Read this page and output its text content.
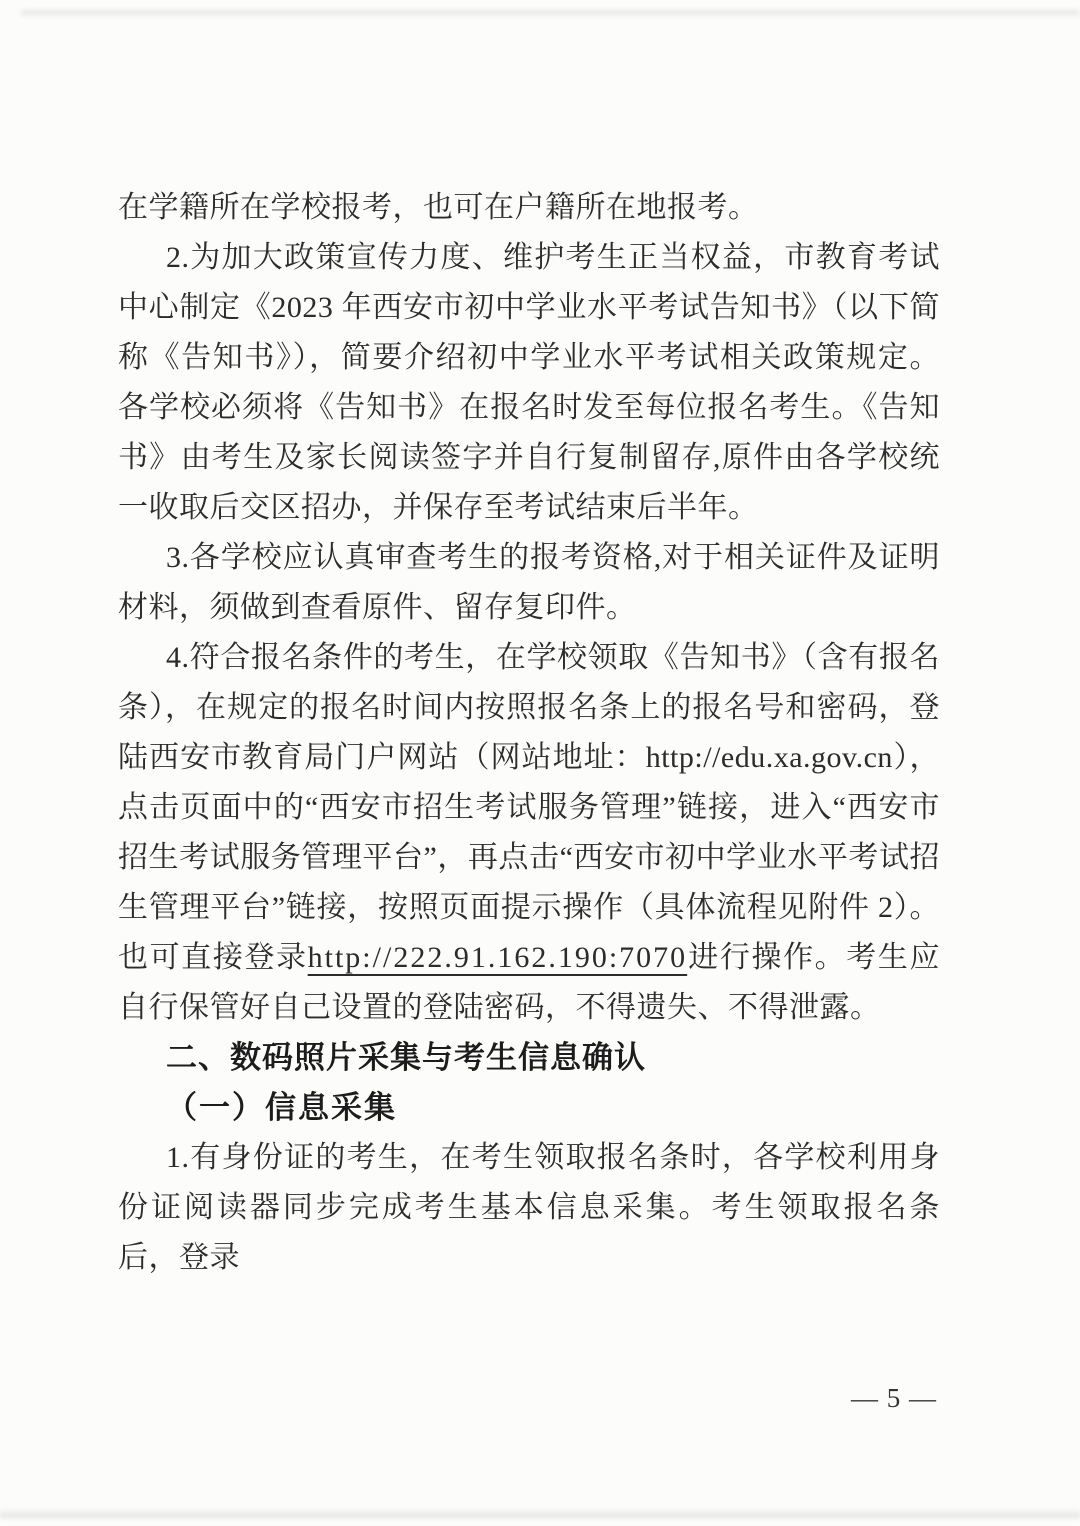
在学籍所在学校报考，也可在户籍所在地报考。

2.为加大政策宣传力度、维护考生正当权益，市教育考试中心制定《2023 年西安市初中学业水平考试告知书》（以下简称《告知书》），简要介绍初中学业水平考试相关政策规定。各学校必须将《告知书》在报名时发至每位报名考生。《告知书》由考生及家长阅读签字并自行复制留存,原件由各学校统一收取后交区招办，并保存至考试结束后半年。

3.各学校应认真审查考生的报考资格,对于相关证件及证明材料，须做到查看原件、留存复印件。

4.符合报名条件的考生，在学校领取《告知书》（含有报名条），在规定的报名时间内按照报名条上的报名号和密码，登陆西安市教育局门户网站（网站地址：http://edu.xa.gov.cn），点击页面中的“西安市招生考试服务管理”链接，进入“西安市招生考试服务管理平台”，再点击“西安市初中学业水平考试招生管理平台”链接，按照页面提示操作（具体流程见附件 2）。也可直接登录http://222.91.162.190:7070进行操作。考生应自行保管好自己设置的登陆密码，不得遗失、不得泄露。

二、数码照片采集与考生信息确认
（一）信息采集

1.有身份证的考生，在考生领取报名条时，各学校利用身份证阅读器同步完成考生基本信息采集。考生领取报名条后，登录

— 5 —
